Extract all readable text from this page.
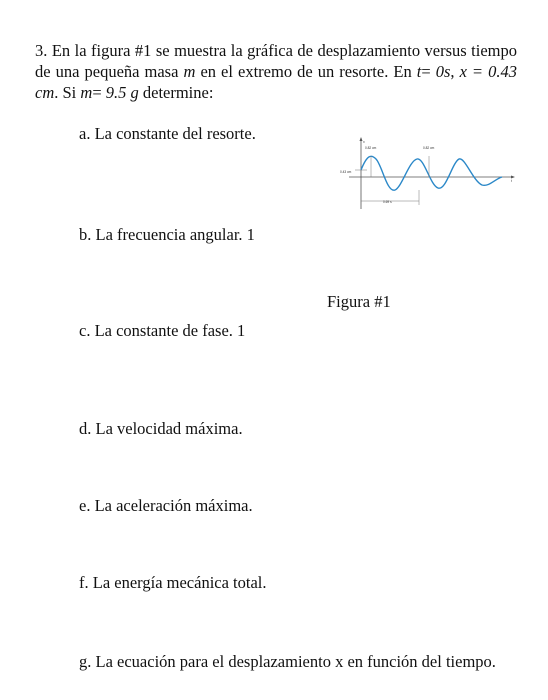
3. En la figura #1 se muestra la gráfica de desplazamiento versus tiempo de una pequeña masa m en el extremo de un resorte. En t= 0s, x = 0.43 cm. Si m= 9.5 g determine:
a. La constante del resorte.
b. La frecuencia angular. 1
c. La constante de fase. 1
d. La velocidad máxima.
e. La aceleración máxima.
f. La energía mecánica total.
g. La ecuación para el desplazamiento x en función del tiempo.
x
t
0.82 cm	0.82 cm
0.43 cm
0.69 s
Figura #1
